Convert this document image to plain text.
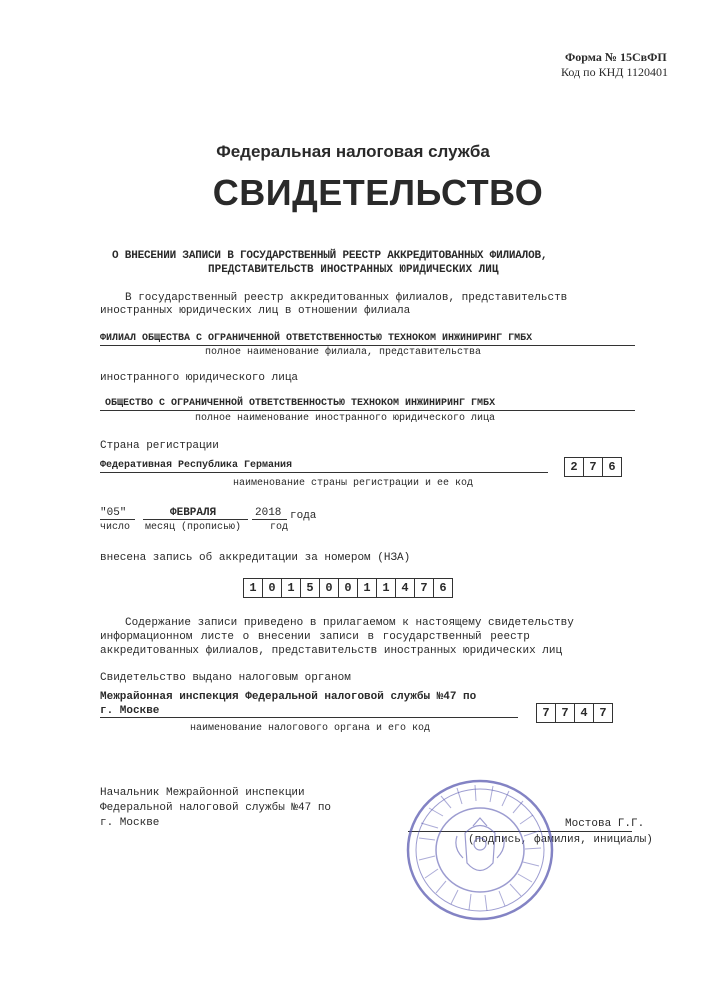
Форма № 15СвФП
Код по КНД 1120401
Федеральная налоговая служба
СВИДЕТЕЛЬСТВО
О ВНЕСЕНИИ ЗАПИСИ В ГОСУДАРСТВЕННЫЙ РЕЕСТР АККРЕДИТОВАННЫХ ФИЛИАЛОВ,
ПРЕДСТАВИТЕЛЬСТВ ИНОСТРАННЫХ ЮРИДИЧЕСКИХ ЛИЦ
В государственный реестр аккредитованных филиалов, представительств
иностранных юридических лиц в отношении филиала
ФИЛИАЛ ОБЩЕСТВА С ОГРАНИЧЕННОЙ ОТВЕТСТВЕННОСТЬЮ ТЕХНОКОМ ИНЖИНИРИНГ ГМБХ
полное наименование филиала, представительства
иностранного юридического лица
ОБЩЕСТВО С ОГРАНИЧЕННОЙ ОТВЕТСТВЕННОСТЬЮ ТЕХНОКОМ ИНЖИНИРИНГ ГМБХ
полное наименование иностранного юридического лица
Страна регистрации
Федеративная Республика Германия	2 7 6
наименование страны регистрации и ее код
"05"	ФЕВРАЛЯ	2018 года
число месяц (прописью)	год
внесена запись об аккредитации за номером (НЗА)
1 0 1 5 0 0 1 1 4 7 6
Содержание записи приведено в прилагаемом к настоящему свидетельству
информационном листе о внесении записи в государственный реестр
аккредитованных филиалов, представительств иностранных юридических лиц
Свидетельство выдано налоговым органом
Межрайонная инспекция Федеральной налоговой службы №47 по
г. Москве	7 7 4 7
наименование налогового органа и его код
Начальник Межрайонной инспекции
Федеральной налоговой службы №47 по
г. Москве	Мостова Г.Г.
(подпись, фамилия, инициалы)
